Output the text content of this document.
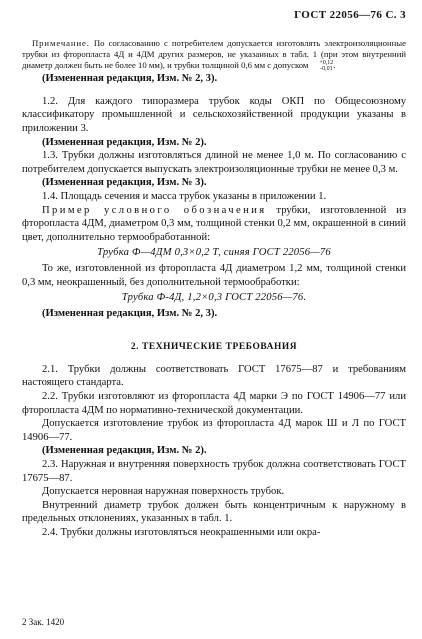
ГОСТ 22056—76 С. 3

Примечание. По согласованию с потребителем допускается изготовлять электроизоляционные трубки из фторопласта 4Д и 4ДМ других размеров, не указанных в табл. 1 (при этом внутренний диаметр должен быть не более 10 мм), и трубки толщиной 0,6 мм с допуском	+0,12
-0,01 .

(Измененная редакция, Изм. № 2, 3).

1.2. Для каждого типоразмера трубок коды ОКП по Общесоюзному классификатору промышленной и сельскохозяйственной продукции указаны в приложении 3.

(Измененная редакция, Изм. № 2).

1.3. Трубки должны изготовляться длиной не менее 1,0 м. По согласованию с потребителем допускается выпускать электроизоляционные трубки не менее 0,3 м.

(Измененная редакция, Изм. № 3).

1.4. Площадь сечения и масса трубок указаны в приложении 1.

Пример условного обозначения трубки, изготовленной из фторопласта 4ДМ, диаметром 0,3 мм, толщиной стенки 0,2 мм, окрашенной в синий цвет, дополнительно термообработанной:

Трубка Ф—4ДМ 0,3×0,2 Т, синяя ГОСТ 22056—76

То же, изготовленной из фторопласта 4Д диаметром 1,2 мм, толщиной стенки 0,3 мм, неокрашенный, без дополнительной термообработки:

Трубка Ф-4Д, 1,2×0,3 ГОСТ 22056—76.

(Измененная редакция, Изм. № 2, 3).

2. ТЕХНИЧЕСКИЕ ТРЕБОВАНИЯ

2.1. Трубки должны соответствовать ГОСТ 17675—87 и требованиям настоящего стандарта.

2.2. Трубки изготовляют из фторопласта 4Д марки Э по ГОСТ 14906—77 или фторопласта 4ДМ по нормативно-технической документации.

Допускается изготовление трубок из фторопласта 4Д марок Ш и Л по ГОСТ 14906—77.

(Измененная редакция, Изм. № 2).

2.3. Наружная и внутренняя поверхность трубок должна соответствовать ГОСТ 17675—87.

Допускается неровная наружная поверхность трубок.

Внутренний диаметр трубок должен быть концентричным к наружному в предельных отклонениях, указанных в табл. 1.

2.4. Трубки должны изготовляться неокрашенными или окра-

2 Зак. 1420
